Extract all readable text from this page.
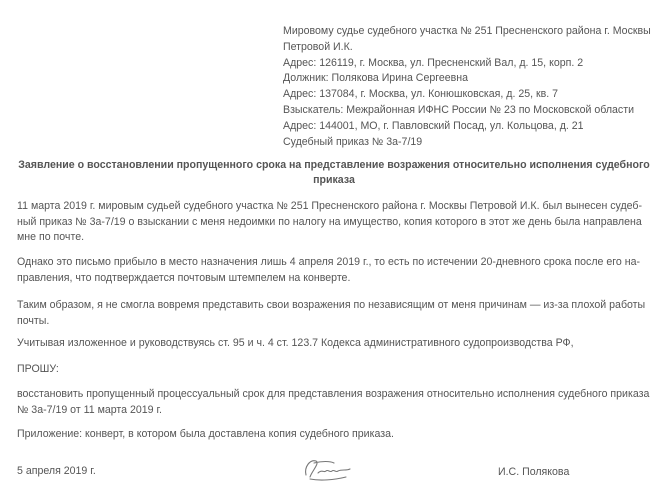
Мировому судье судебного участка № 251 Пресненского района г. Москвы
Петровой И.К.
Адрес: 126119, г. Москва, ул. Пресненский Вал, д. 15, корп. 2
Должник: Полякова Ирина Сергеевна
Адрес: 137084, г. Москва, ул. Конюшковская, д. 25, кв. 7
Взыскатель: Межрайонная ИФНС России № 23 по Московской области
Адрес: 144001, МО, г. Павловский Посад, ул. Кольцова, д. 21
Судебный приказ № 3а-7/19
Заявление о восстановлении пропущенного срока на представление возражения относительно исполнения судебного
приказа
11 марта 2019 г. мировым судьей судебного участка № 251 Пресненского района г. Москвы Петровой И.К. был вынесен судеб-
ный приказ № 3а-7/19 о взыскании с меня недоимки по налогу на имущество, копия которого в этот же день была направлена
мне по почте.
Однако это письмо прибыло в место назначения лишь 4 апреля 2019 г., то есть по истечении 20-дневного срока после его на-
правления, что подтверждается почтовым штемпелем на конверте.
Таким образом, я не смогла вовремя представить свои возражения по независящим от меня причинам — из-за плохой работы
почты.
Учитывая изложенное и руководствуясь ст. 95 и ч. 4 ст. 123.7 Кодекса административного судопроизводства РФ,
ПРОШУ:
восстановить пропущенный процессуальный срок для представления возражения относительно исполнения судебного приказа
№ 3а-7/19 от 11 марта 2019 г.
Приложение: конверт, в котором была доставлена копия судебного приказа.
5 апреля 2019 г.	И.С. Полякова
